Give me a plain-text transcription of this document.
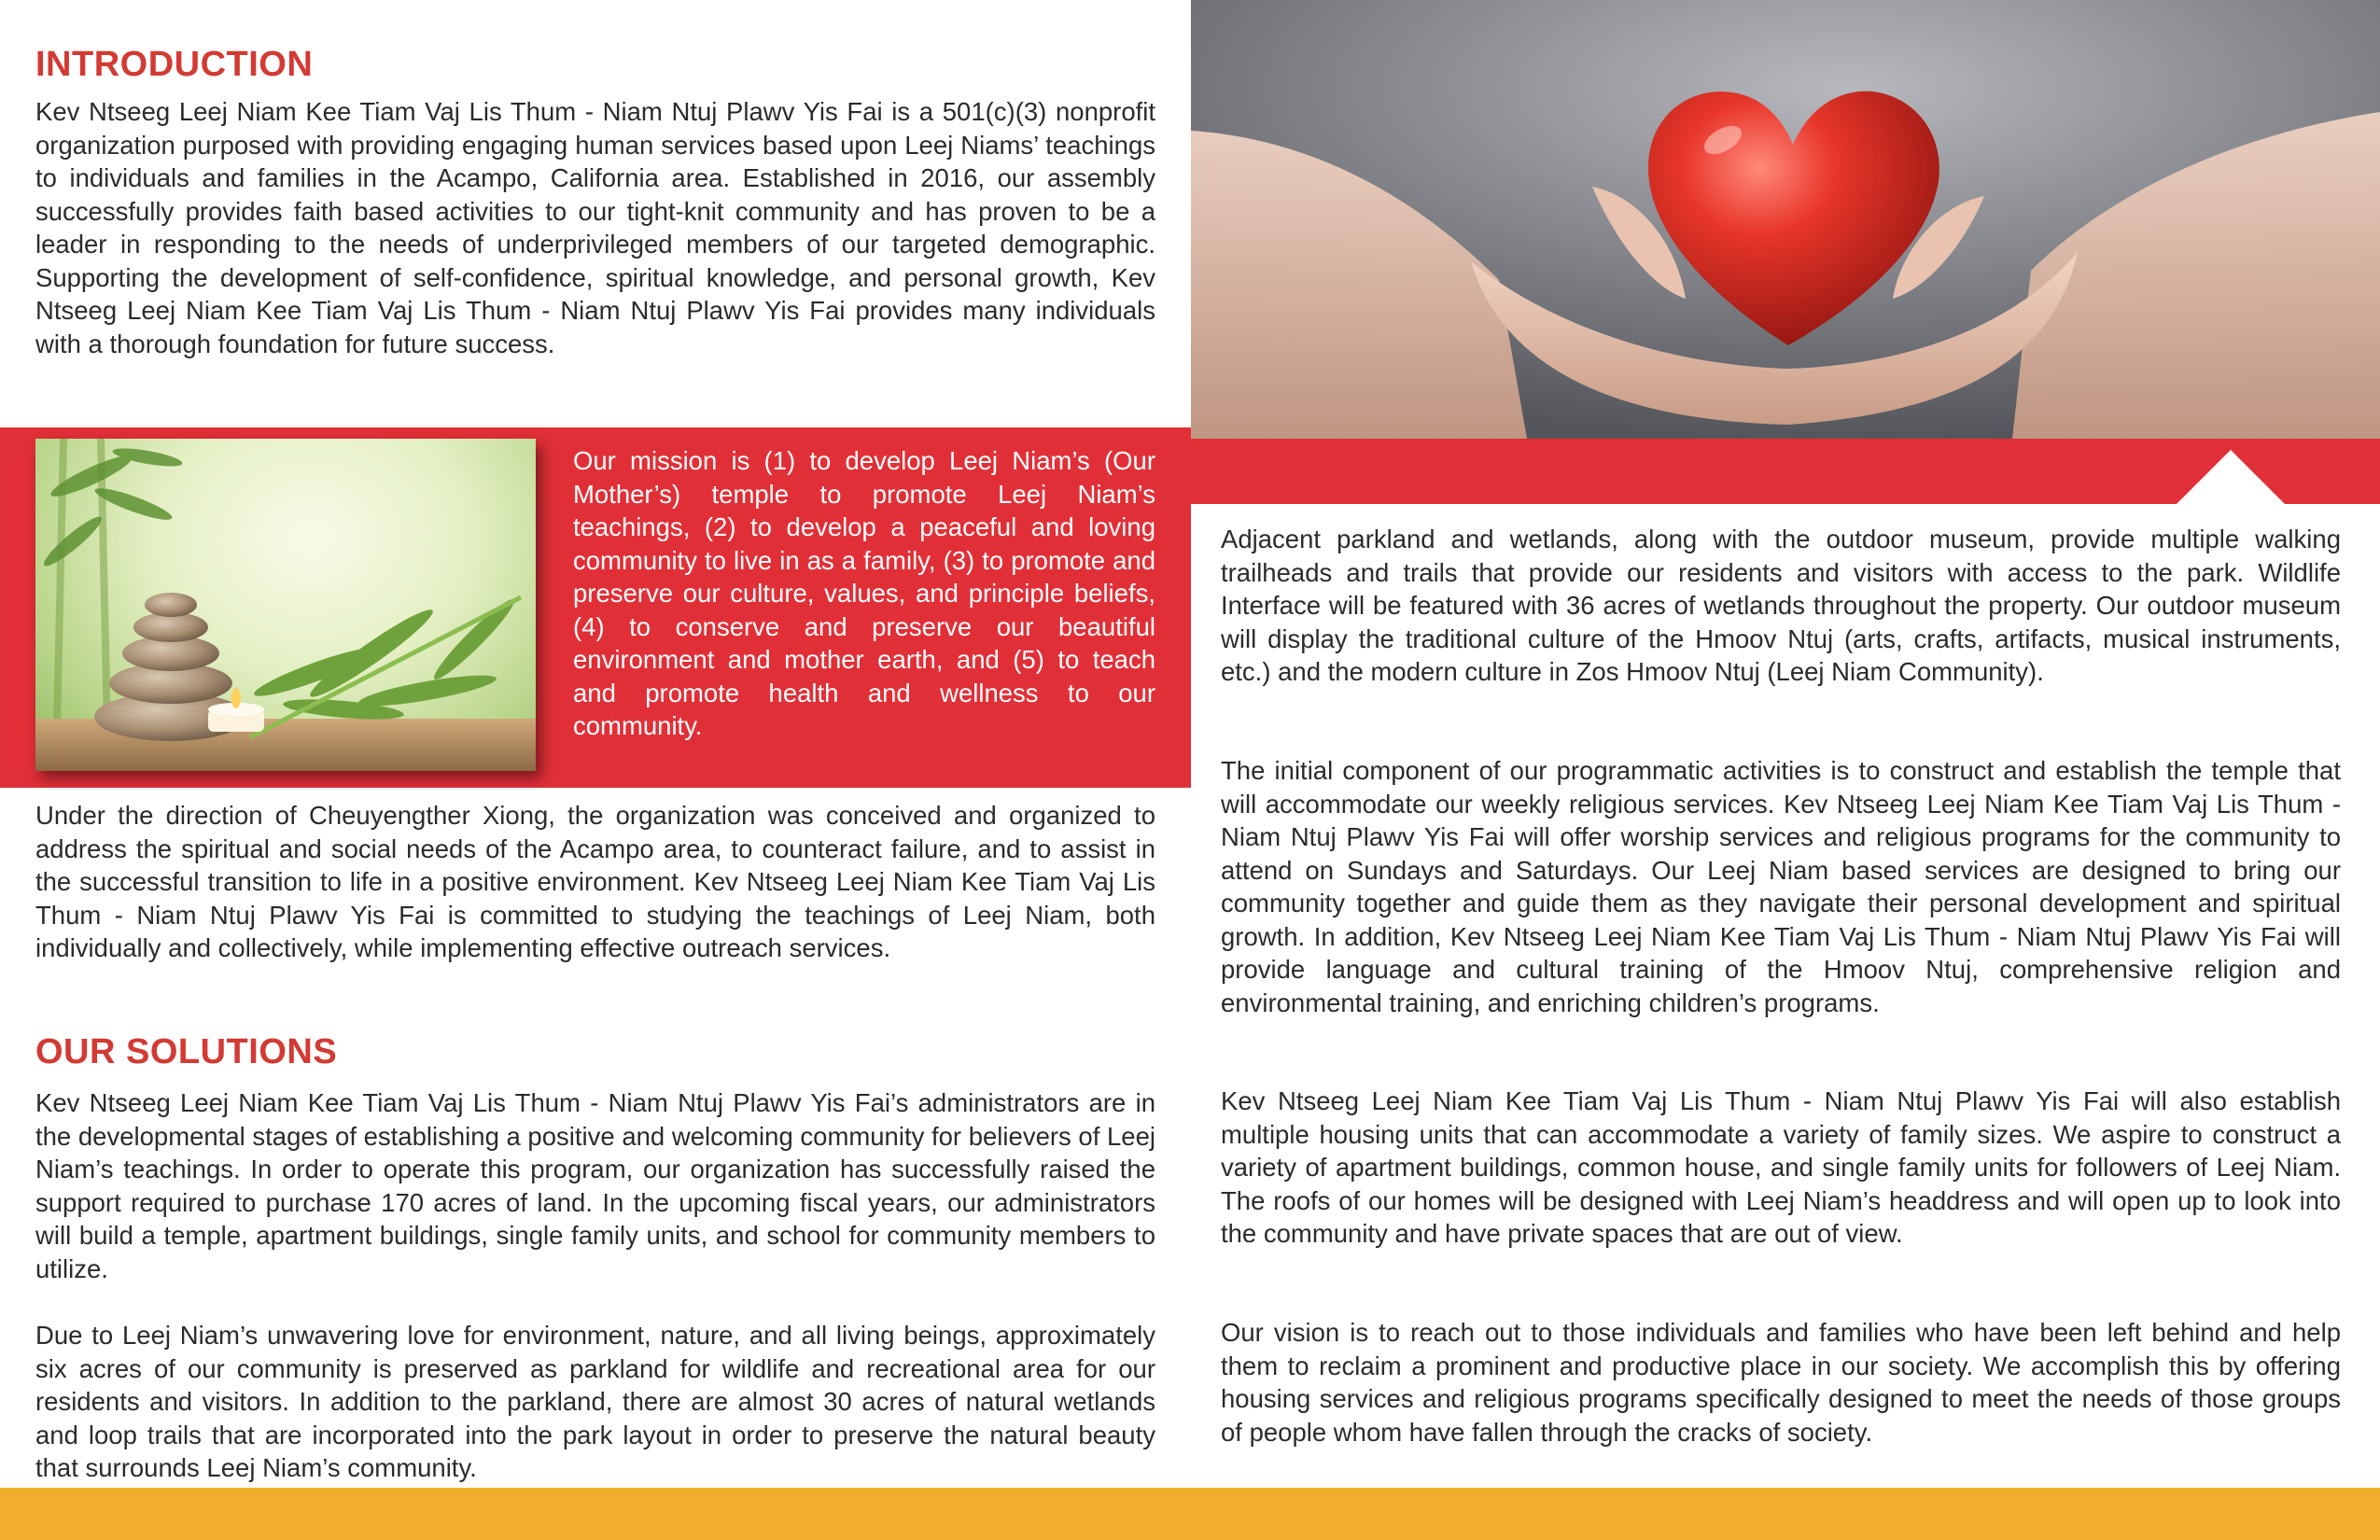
INTRODUCTION

Kev Ntseeg Leej Niam Kee Tiam Vaj Lis Thum - Niam Ntuj Plawv Yis Fai is a 501(c)(3) nonprofit organization purposed with providing engaging human services based upon Leej Niams’ teachings to individuals and families in the Acampo, California area. Established in 2016, our assembly successfully provides faith based activities to our tight-knit community and has proven to be a leader in responding to the needs of underprivileged members of our targeted demographic. Supporting the development of self-confidence, spiritual knowledge, and personal growth, Kev Ntseeg Leej Niam Kee Tiam Vaj Lis Thum - Niam Ntuj Plawv Yis Fai provides many individuals with a thorough foundation for future success.

Our mission is (1) to develop Leej Niam’s (Our Mother’s) temple to promote Leej Niam’s teachings, (2) to develop a peaceful and loving community to live in as a family, (3) to promote and preserve our culture, values, and principle beliefs, (4) to conserve and preserve our beautiful environment and mother earth, and (5) to teach and promote health and wellness to our community.

Under the direction of Cheuyengther Xiong, the organization was conceived and organized to address the spiritual and social needs of the Acampo area, to counteract failure, and to assist in the successful transition to life in a positive environment. Kev Ntseeg Leej Niam Kee Tiam Vaj Lis Thum - Niam Ntuj Plawv Yis Fai is committed to studying the teachings of Leej Niam, both individually and collectively, while implementing effective outreach services.

OUR SOLUTIONS

Kev Ntseeg Leej Niam Kee Tiam Vaj Lis Thum - Niam Ntuj Plawv Yis Fai’s administrators are in the developmental stages of establishing a positive and welcoming community for believers of Leej Niam’s teachings. In order to operate this program, our organization has successfully raised the support required to purchase 170 acres of land. In the upcoming fiscal years, our administrators will build a temple, apartment buildings, single family units, and school for community members to utilize.

Due to Leej Niam’s unwavering love for environment, nature, and all living beings, approximately six acres of our community is preserved as parkland for wildlife and recreational area for our residents and visitors. In addition to the parkland, there are almost 30 acres of natural wetlands and loop trails that are incorporated into the park layout in order to preserve the natural beauty that surrounds Leej Niam’s community.

Adjacent parkland and wetlands, along with the outdoor museum, provide multiple walking trailheads and trails that provide our residents and visitors with access to the park. Wildlife Interface will be featured with 36 acres of wetlands throughout the property. Our outdoor museum will display the traditional culture of the Hmoov Ntuj (arts, crafts, artifacts, musical instruments, etc.) and the modern culture in Zos Hmoov Ntuj (Leej Niam Community).

The initial component of our programmatic activities is to construct and establish the temple that will accommodate our weekly religious services. Kev Ntseeg Leej Niam Kee Tiam Vaj Lis Thum - Niam Ntuj Plawv Yis Fai will offer worship services and religious programs for the community to attend on Sundays and Saturdays. Our Leej Niam based services are designed to bring our community together and guide them as they navigate their personal development and spiritual growth. In addition, Kev Ntseeg Leej Niam Kee Tiam Vaj Lis Thum - Niam Ntuj Plawv Yis Fai will provide language and cultural training of the Hmoov Ntuj, comprehensive religion and environmental training, and enriching children’s programs.

Kev Ntseeg Leej Niam Kee Tiam Vaj Lis Thum - Niam Ntuj Plawv Yis Fai will also establish multiple housing units that can accommodate a variety of family sizes. We aspire to construct a variety of apartment buildings, common house, and single family units for followers of Leej Niam. The roofs of our homes will be designed with Leej Niam’s headdress and will open up to look into the community and have private spaces that are out of view.

Our vision is to reach out to those individuals and families who have been left behind and help them to reclaim a prominent and productive place in our society. We accomplish this by offering housing services and religious programs specifically designed to meet the needs of those groups of people whom have fallen through the cracks of society.
